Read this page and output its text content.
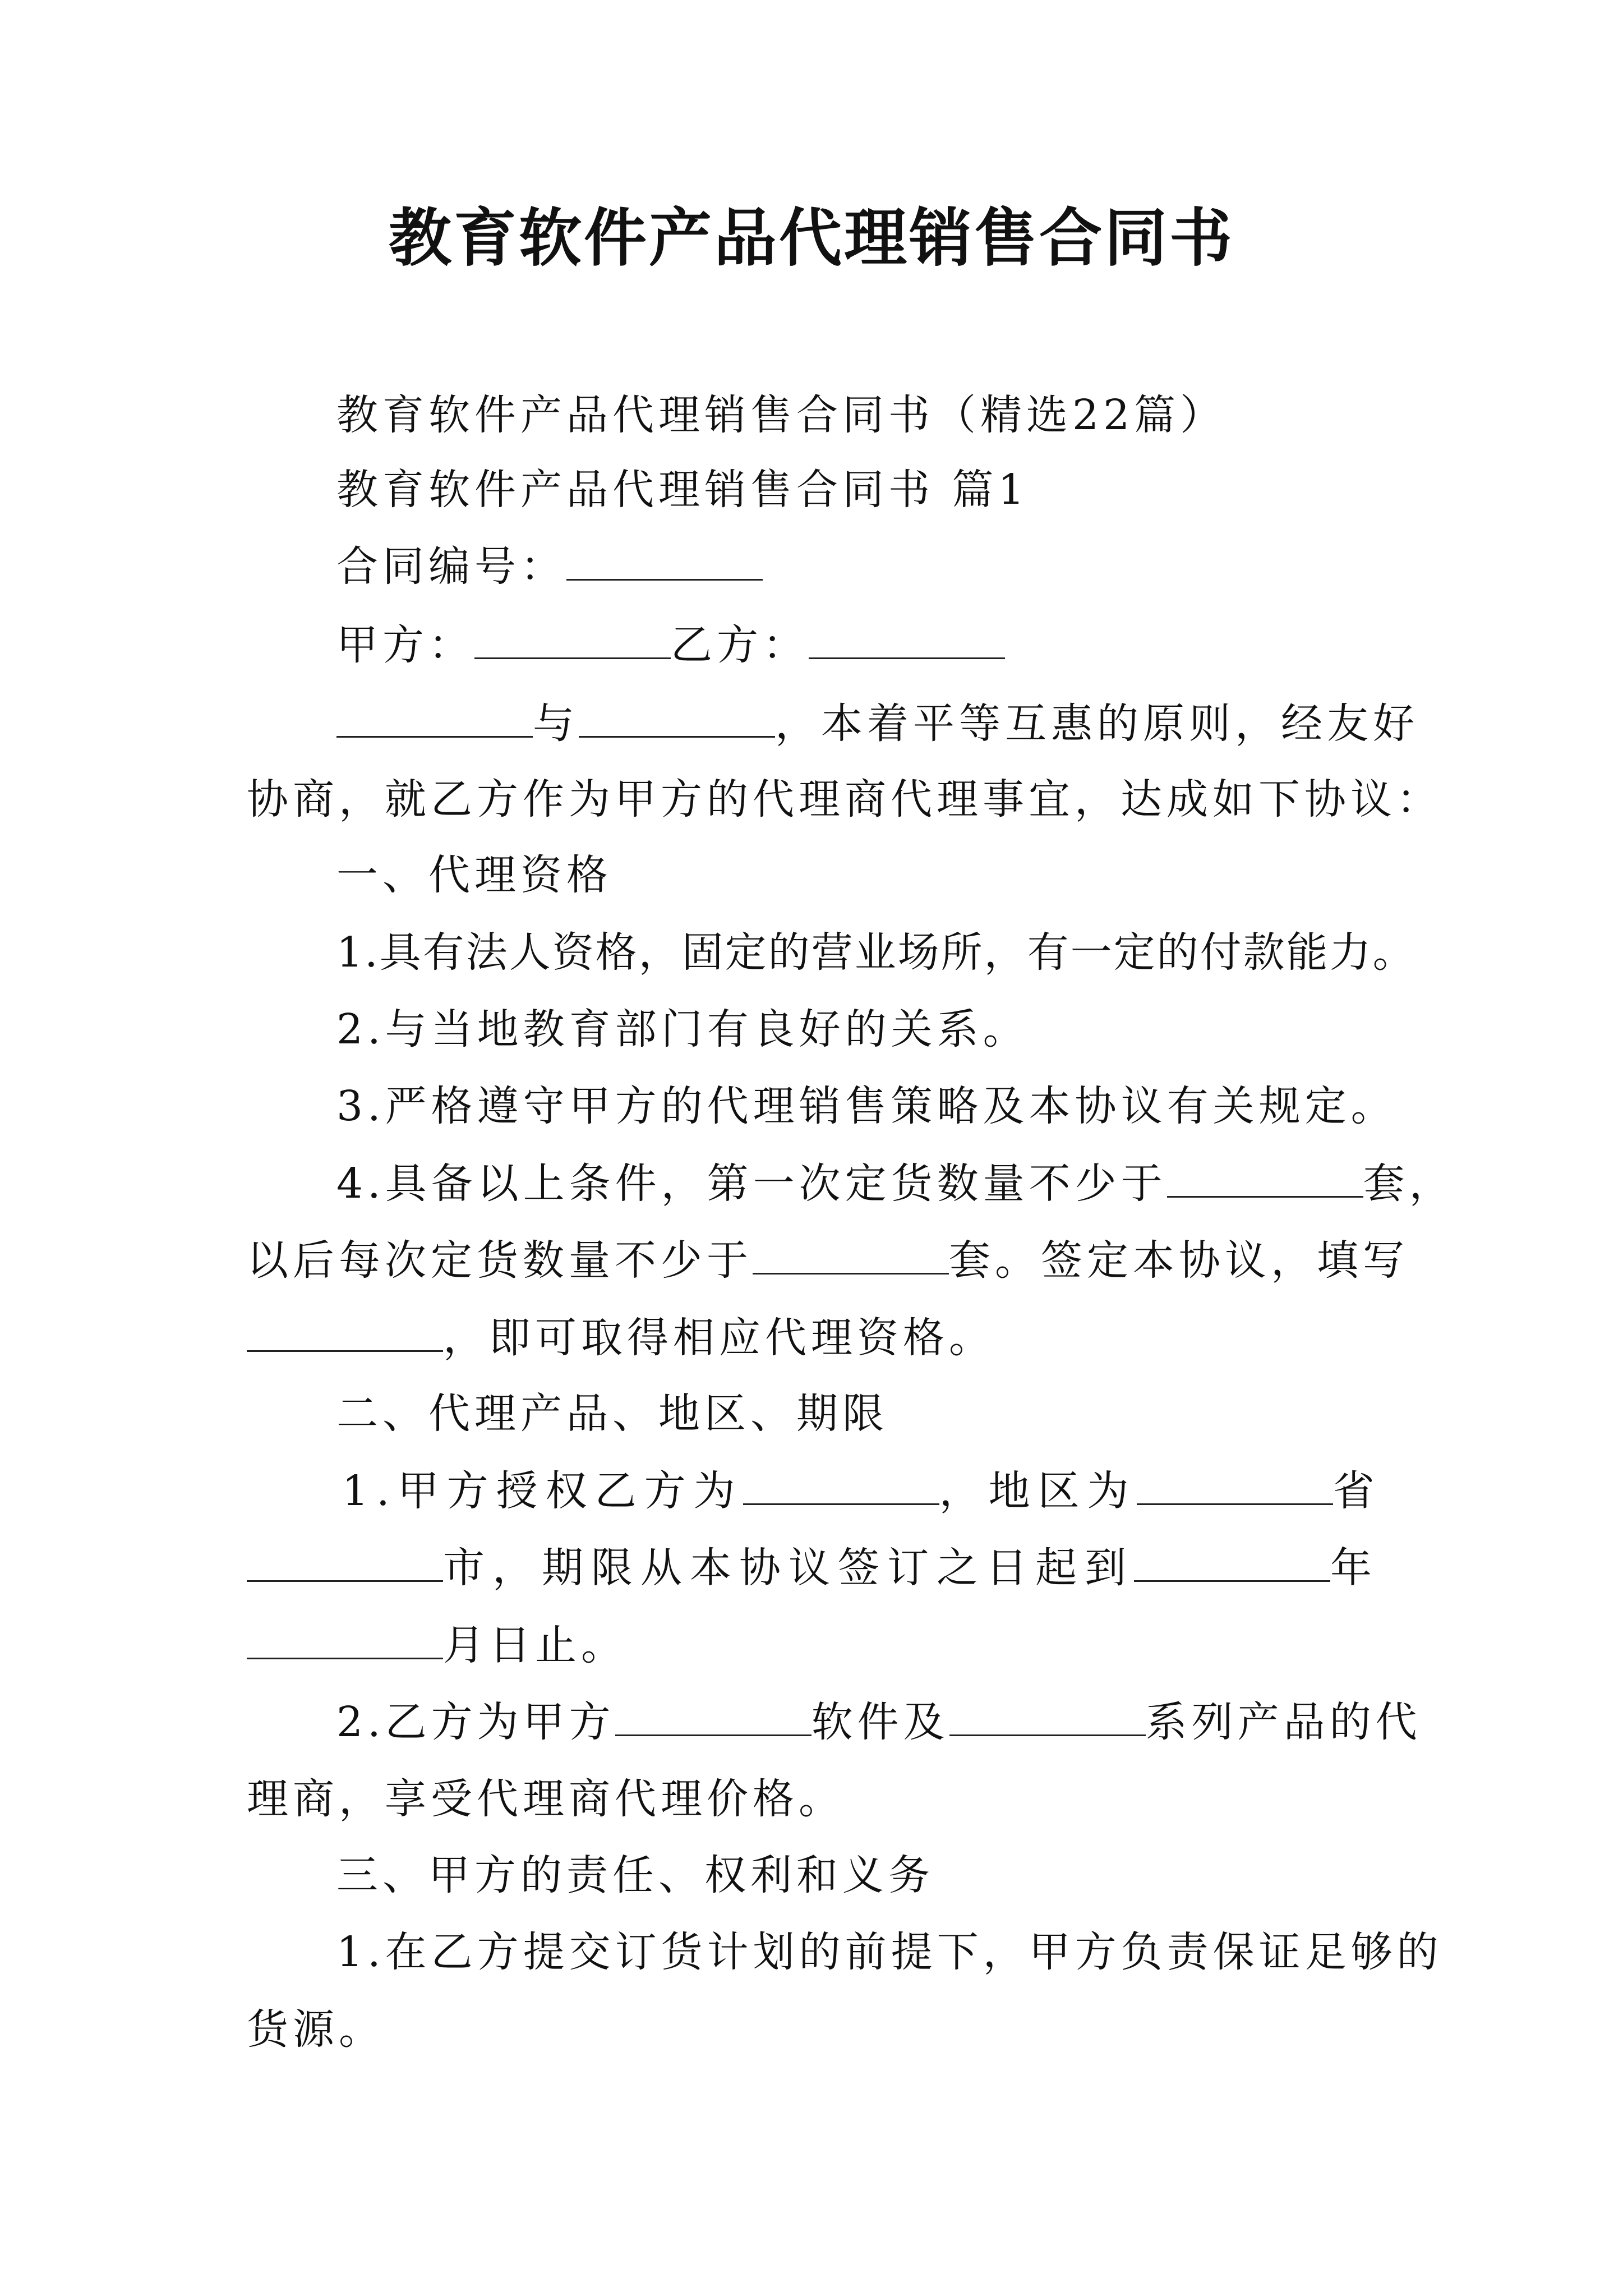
教育软件产品代理销售合同书
教育软件产品代理销售合同书（精选22篇）
教育软件产品代理销售合同书 篇1
合同编号：
甲方：	乙方：
与	，本着平等互惠的原则，经友好
协商，就乙方作为甲方的代理商代理事宜，达成如下协议：
一、代理资格
1.具有法人资格，固定的营业场所，有一定的付款能力。
2.与当地教育部门有良好的关系。
3.严格遵守甲方的代理销售策略及本协议有关规定。
4.具备以上条件，第一次定货数量不少于	套，
以后每次定货数量不少于	套。签定本协议，填写
，即可取得相应代理资格。
二、代理产品、地区、期限
1.甲方授权乙方为	，地区为	省
市，期限从本协议签订之日起到	年
月日止。
2.乙方为甲方	软件及	系列产品的代
理商，享受代理商代理价格。
三、甲方的责任、权利和义务
1.在乙方提交订货计划的前提下，甲方负责保证足够的
货源。
